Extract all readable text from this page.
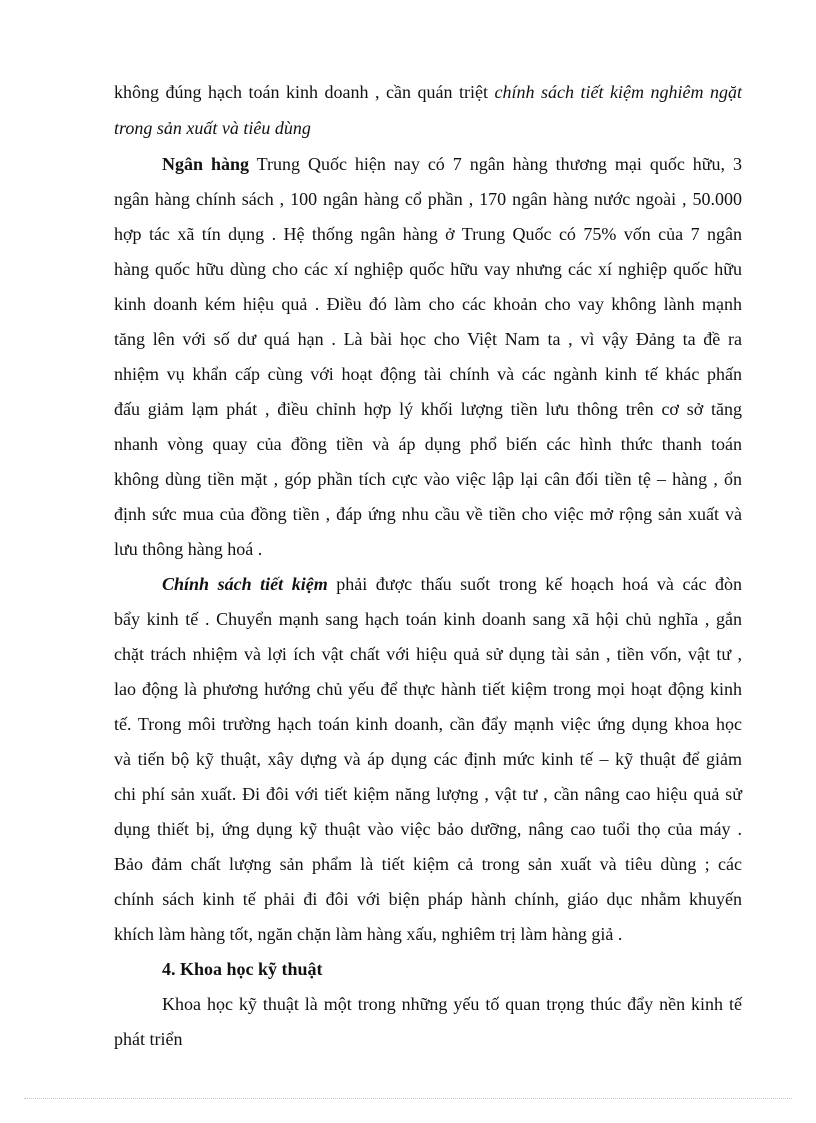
không đúng hạch toán kinh doanh , cần quán triệt chính sách tiết kiệm nghiêm ngặt
trong sản xuất và tiêu dùng
Ngân hàng Trung Quốc hiện nay có 7 ngân hàng thương mại quốc hữu, 3
ngân hàng chính sách , 100 ngân hàng cổ phần , 170 ngân hàng nước ngoài , 50.000
hợp tác xã tín dụng . Hệ thống ngân hàng ở Trung Quốc có 75% vốn của 7 ngân
hàng quốc hữu dùng cho các xí nghiệp quốc hữu vay nhưng các xí nghiệp quốc hữu
kinh doanh kém hiệu quả . Điều đó làm cho các khoản cho vay không lành mạnh
tăng lên với số dư quá hạn . Là bài học cho Việt Nam ta , vì vậy Đảng ta đề ra
nhiệm vụ khẩn cấp cùng với hoạt động tài chính và các ngành kinh tế khác phấn
đấu giảm lạm phát , điều chỉnh hợp lý khối lượng tiền lưu thông trên cơ sở tăng
nhanh vòng quay của đồng tiền và áp dụng phổ biến các hình thức thanh toán
không dùng tiền mặt , góp phần tích cực vào việc lập lại cân đối tiền tệ – hàng , ổn
định sức mua của đồng tiền , đáp ứng nhu cầu về tiền cho việc mở rộng sản xuất và
lưu thông hàng hoá .
Chính sách tiết kiệm phải được thấu suốt trong kế hoạch hoá và các đòn
bẩy kinh tế . Chuyển mạnh sang hạch toán kinh doanh sang xã hội chủ nghĩa , gắn
chặt trách nhiệm và lợi ích vật chất với hiệu quả sử dụng tài sản , tiền vốn, vật tư ,
lao động là phương hướng chủ yếu để thực hành tiết kiệm trong mọi hoạt động kinh
tế. Trong môi trường hạch toán kinh doanh, cần đẩy mạnh việc ứng dụng khoa học
và tiến bộ kỹ thuật, xây dựng và áp dụng các định mức kinh tế – kỹ thuật để giảm
chi phí sản xuất. Đi đôi với tiết kiệm năng lượng , vật tư , cần nâng cao hiệu quả sử
dụng thiết bị, ứng dụng kỹ thuật vào việc bảo dưỡng, nâng cao tuổi thọ của máy .
Bảo đảm chất lượng sản phẩm là tiết kiệm cả trong sản xuất và tiêu dùng ; các
chính sách kinh tế phải đi đôi với biện pháp hành chính, giáo dục nhằm khuyến
khích làm hàng tốt, ngăn chặn làm hàng xấu, nghiêm trị làm hàng giả .
4. Khoa học kỹ thuật
Khoa học kỹ thuật là một trong những yếu tố quan trọng thúc đẩy nền kinh tế
phát triển
